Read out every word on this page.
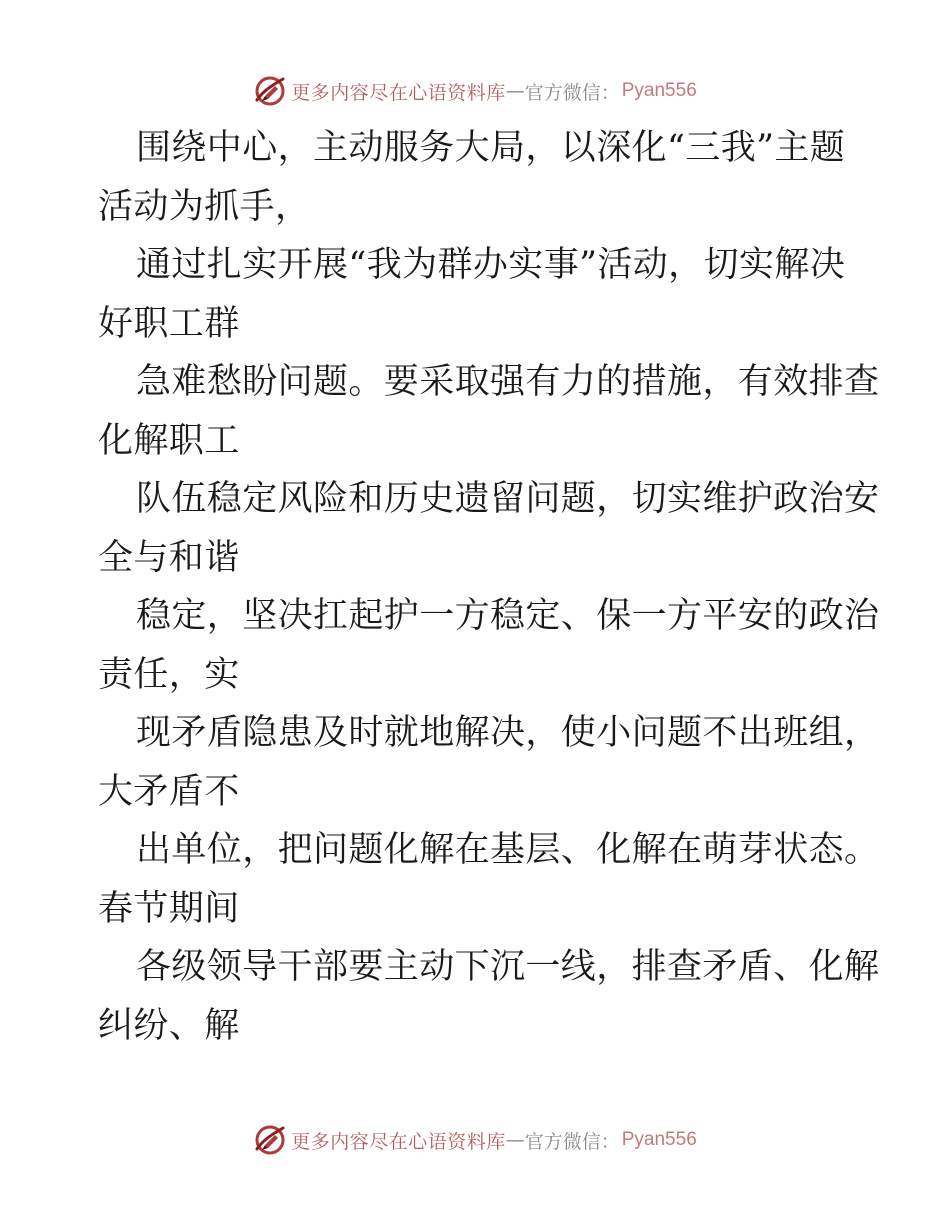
更多内容尽在心语资料库 — 官方微信： Pyan556
围绕中心，主动服务大局，以深化“三我”主题
活动为抓手，
通过扎实开展“我为群办实事”活动，切实解决
好职工群
急难愁盼问题。要采取强有力的措施，有效排查
化解职工
队伍稳定风险和历史遗留问题，切实维护政治安
全与和谐
稳定，坚决扛起护一方稳定、保一方平安的政治
责任，实
现矛盾隐患及时就地解决，使小问题不出班组，
大矛盾不
出单位，把问题化解在基层、化解在萌芽状态。
春节期间
各级领导干部要主动下沉一线，排查矛盾、化解
纠纷、解
更多内容尽在心语资料库 — 官方微信： Pyan556
